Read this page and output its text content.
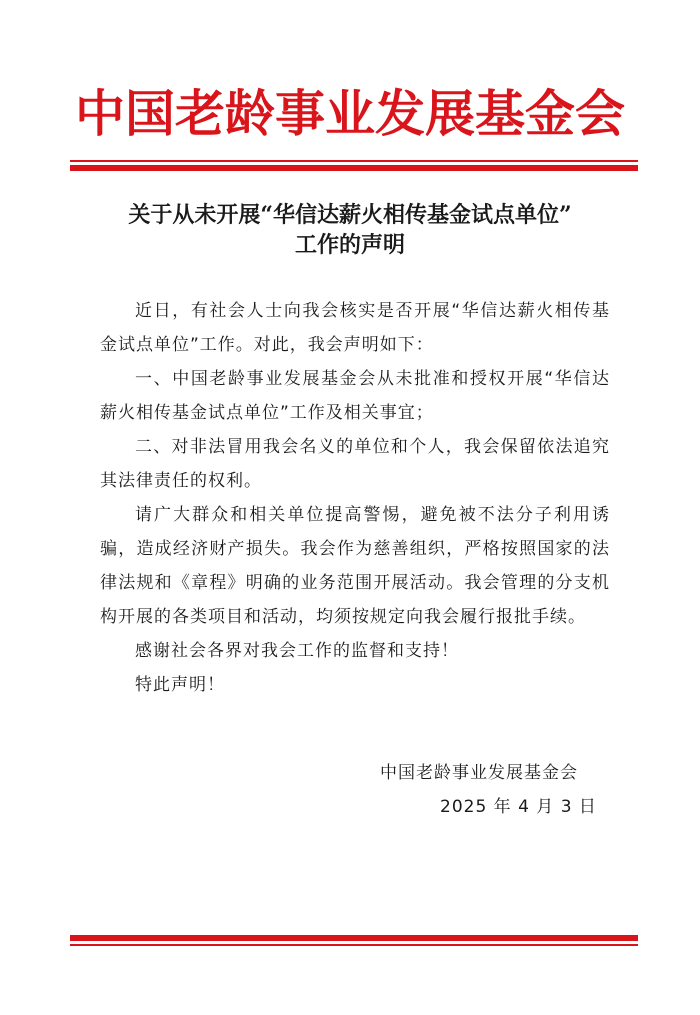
中国老龄事业发展基金会
关于从未开展“华信达薪火相传基金试点单位”
工作的声明

近日，有社会人士向我会核实是否开展“华信达薪火相传基金试点单位”工作。对此，我会声明如下：

一、中国老龄事业发展基金会从未批准和授权开展“华信达薪火相传基金试点单位”工作及相关事宜；

二、对非法冒用我会名义的单位和个人，我会保留依法追究其法律责任的权利。

请广大群众和相关单位提高警惕，避免被不法分子利用诱骗，造成经济财产损失。我会作为慈善组织，严格按照国家的法律法规和《章程》明确的业务范围开展活动。我会管理的分支机构开展的各类项目和活动，均须按规定向我会履行报批手续。

感谢社会各界对我会工作的监督和支持！

特此声明！

中国老龄事业发展基金会
2025 年 4 月 3 日
